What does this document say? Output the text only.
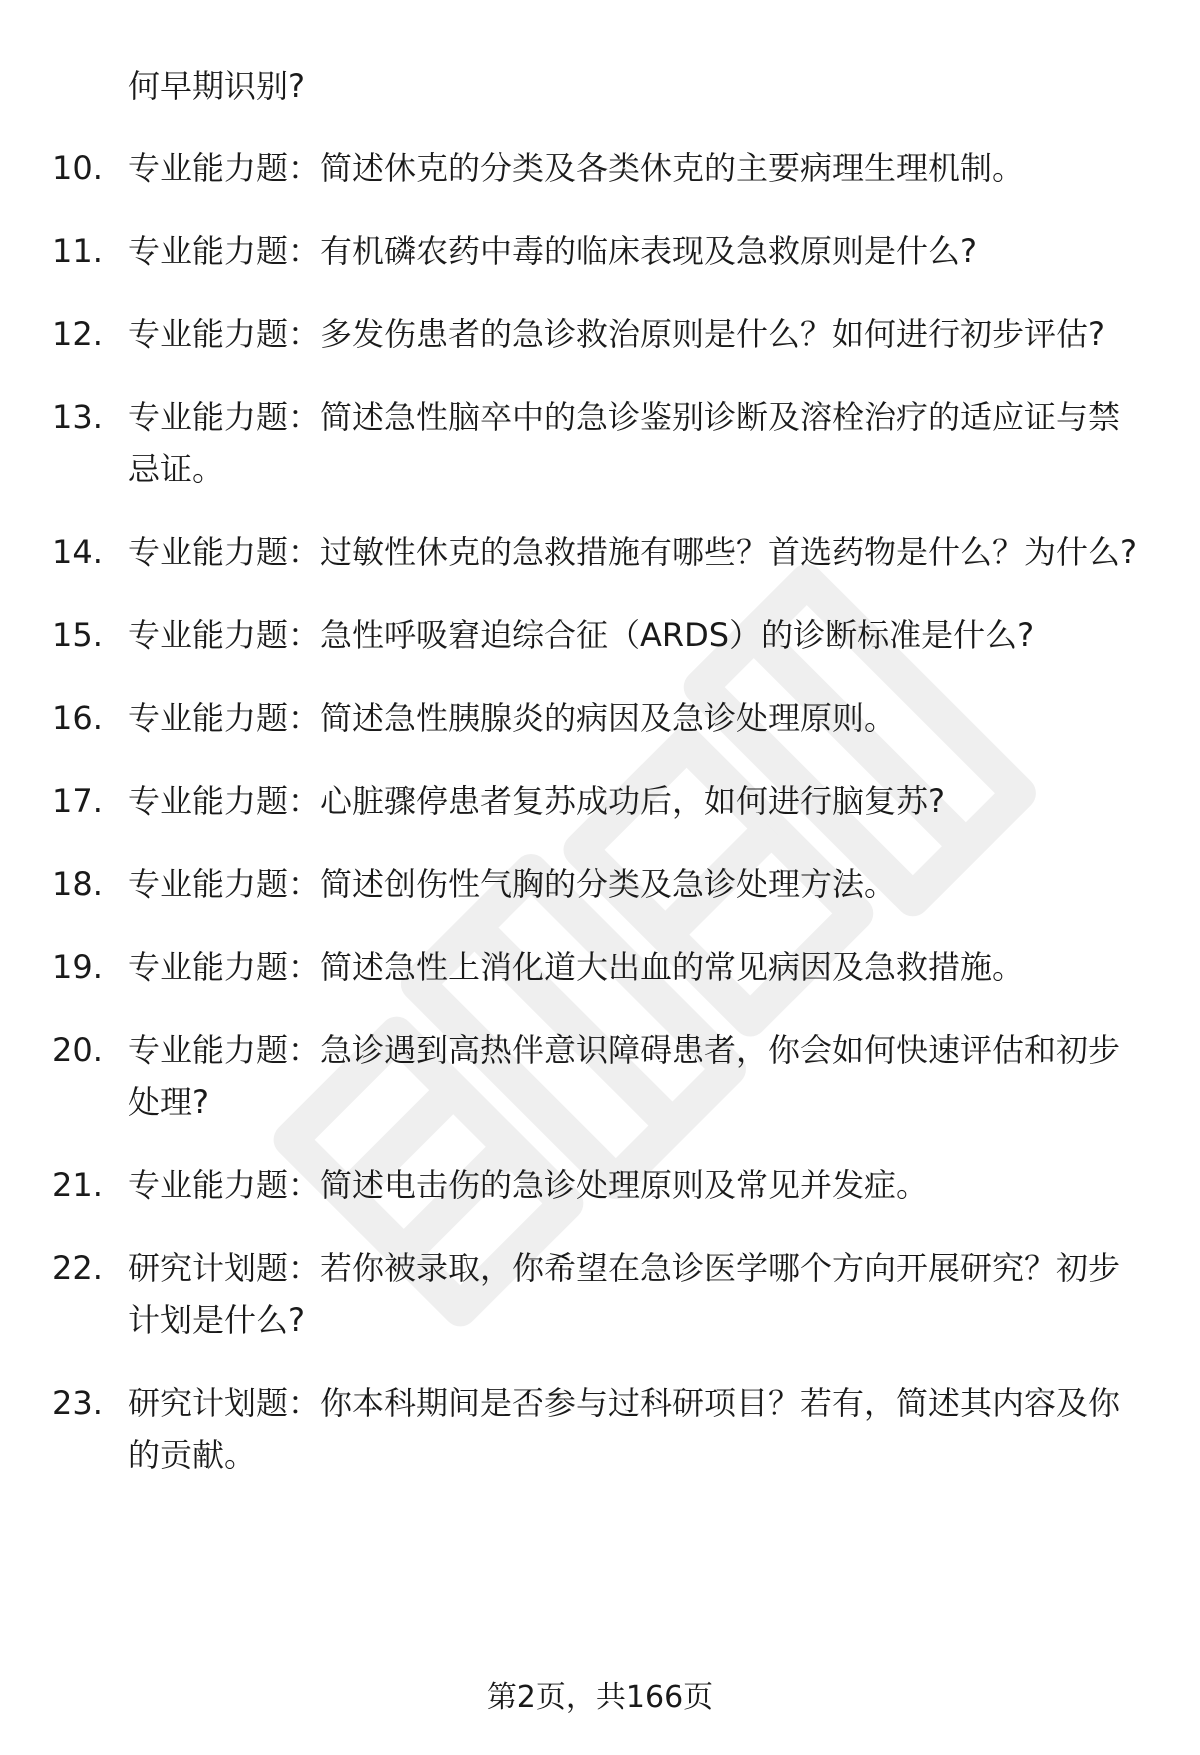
何早期识别?

10. 专业能力题：简述休克的分类及各类休克的主要病理生理机制。
11. 专业能力题：有机磷农药中毒的临床表现及急救原则是什么?
12. 专业能力题：多发伤患者的急诊救治原则是什么？如何进行初步评估?
13. 专业能力题：简述急性脑卒中的急诊鉴别诊断及溶栓治疗的适应证与禁忌证。
14. 专业能力题：过敏性休克的急救措施有哪些？首选药物是什么？为什么?
15. 专业能力题：急性呼吸窘迫综合征（ARDS）的诊断标准是什么?
16. 专业能力题：简述急性胰腺炎的病因及急诊处理原则。
17. 专业能力题：心脏骤停患者复苏成功后，如何进行脑复苏?
18. 专业能力题：简述创伤性气胸的分类及急诊处理方法。
19. 专业能力题：简述急性上消化道大出血的常见病因及急救措施。
20. 专业能力题：急诊遇到高热伴意识障碍患者，你会如何快速评估和初步处理?
21. 专业能力题：简述电击伤的急诊处理原则及常见并发症。
22. 研究计划题：若你被录取，你希望在急诊医学哪个方向开展研究？初步计划是什么?
23. 研究计划题：你本科期间是否参与过科研项目？若有，简述其内容及你的贡献。

第2页，共166页
